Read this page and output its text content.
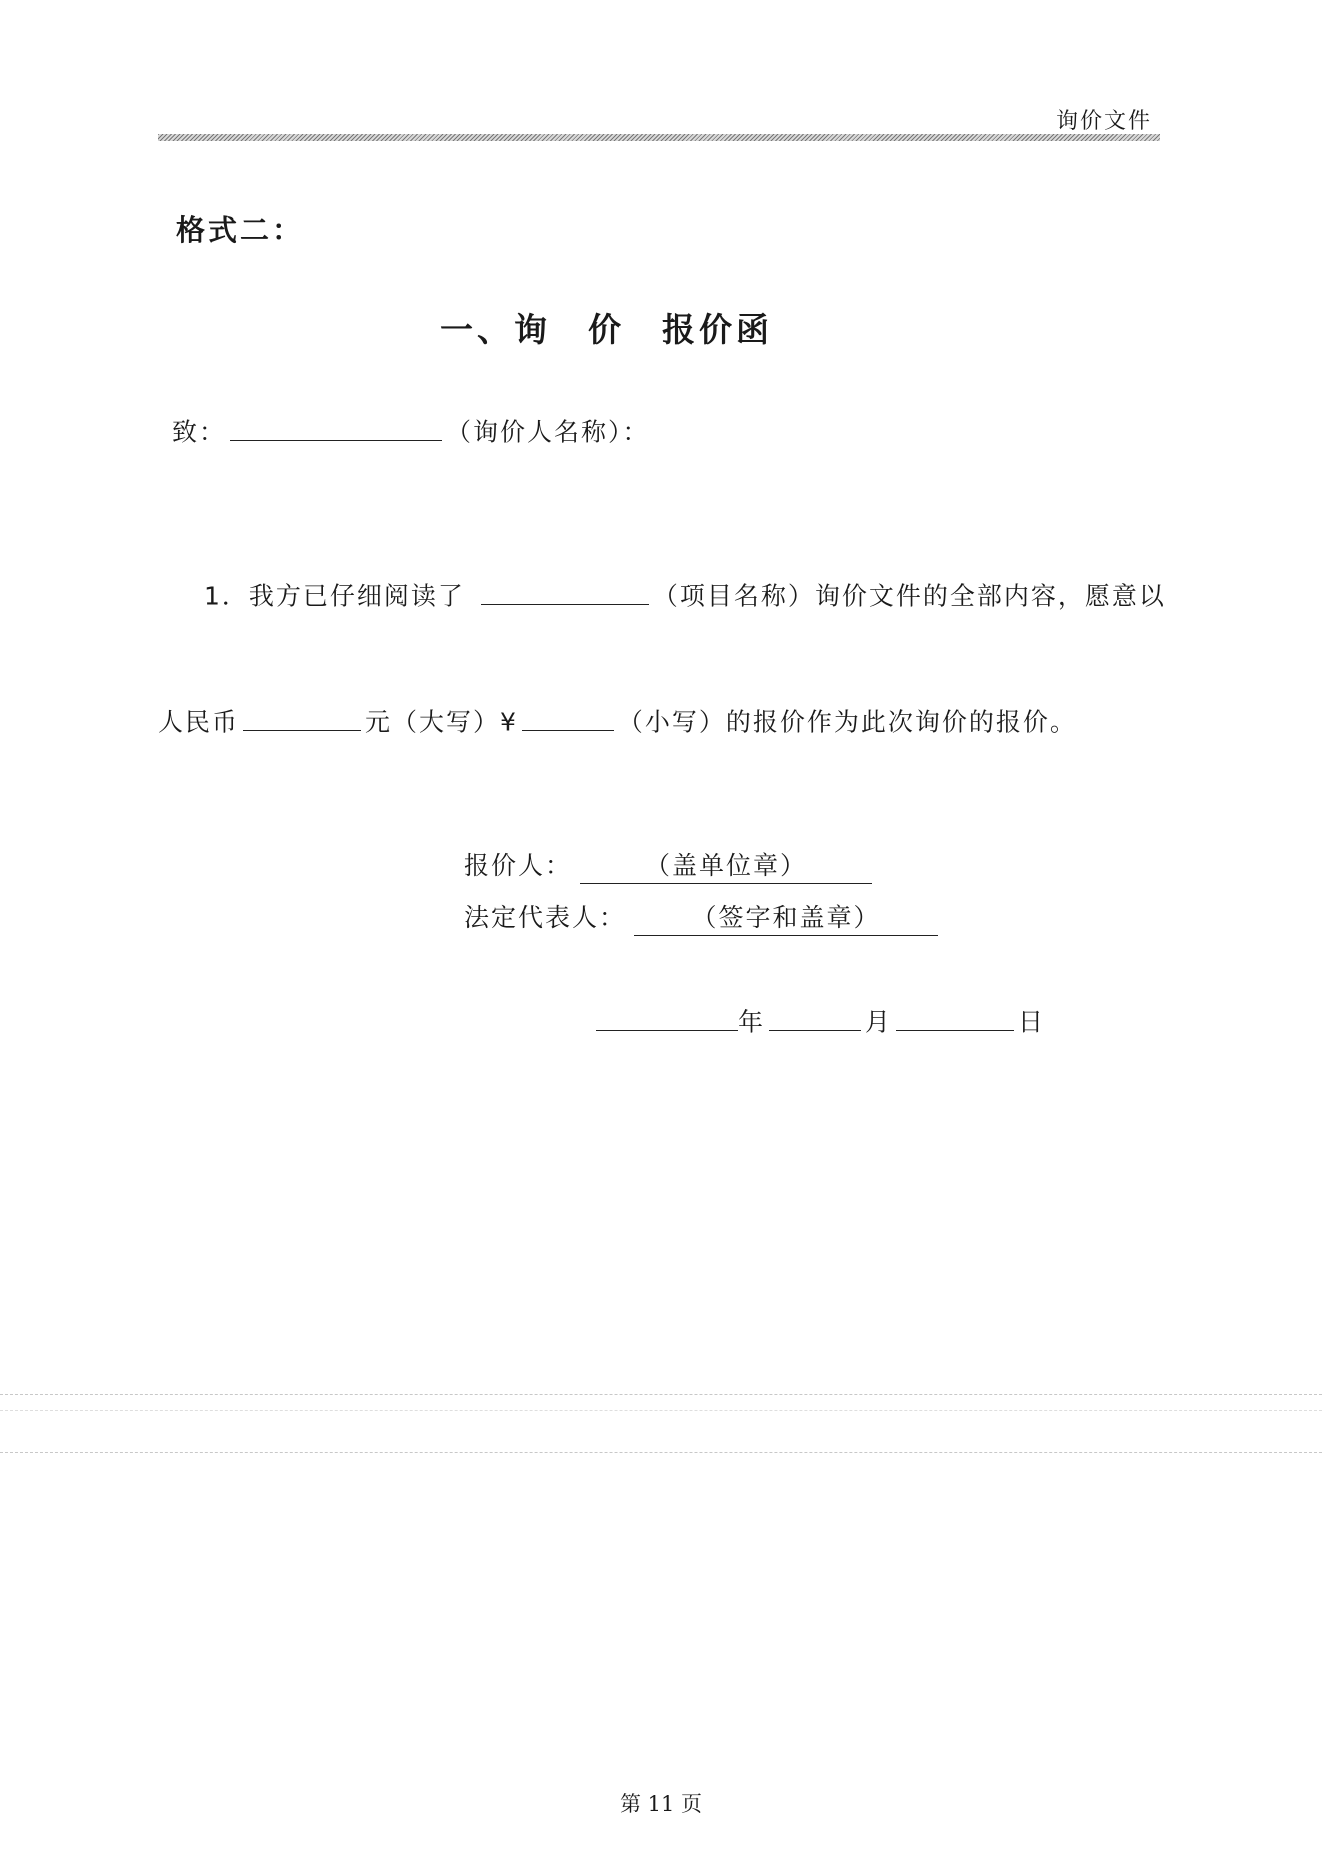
询价文件
格式二：
一、询　价　报价函
致：	（询价人名称）：
1．我方已仔细阅读了	（项目名称）询价文件的全部内容，愿意以
人民币	元（大写）¥	（小写）的报价作为此次询价的报价。
报价人：	（盖单位章）
法定代表人：	（签字和盖章）
年	月	日
第 11 页
